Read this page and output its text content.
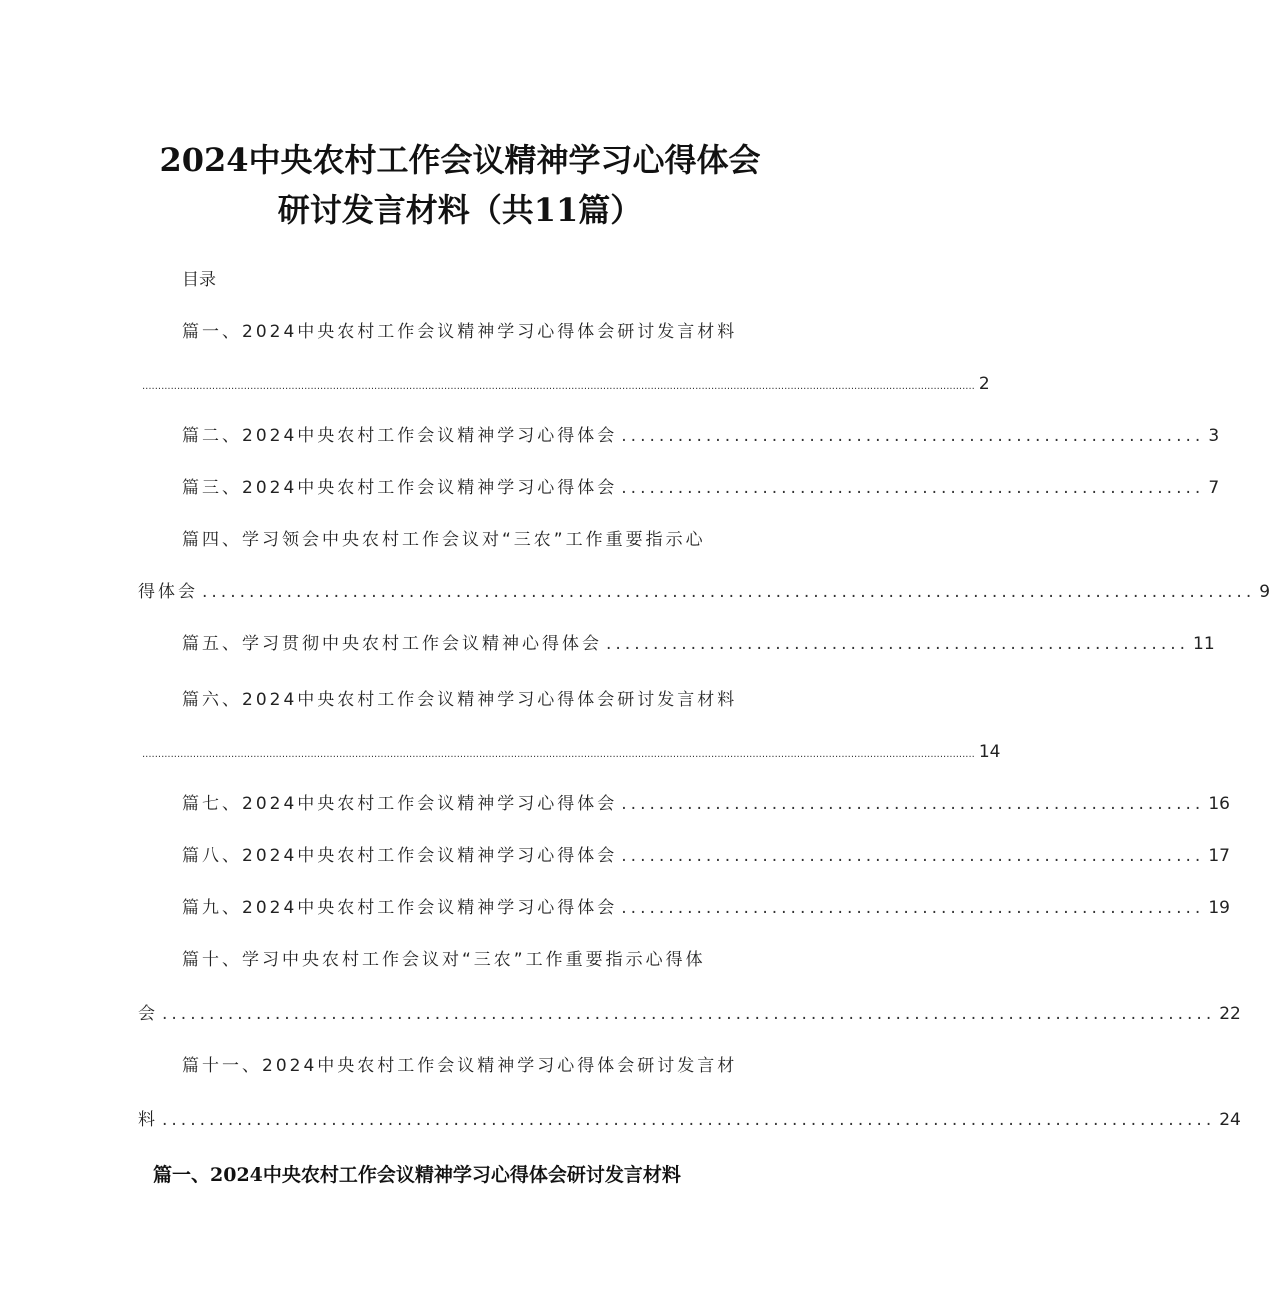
2024中央农村工作会议精神学习心得体会
研讨发言材料（共11篇）
目录
篇一、2024中央农村工作会议精神学习心得体会研讨发言材料
...................................................................................................................................................................................................................................................................... 2
篇二、2024中央农村工作会议精神学习心得体会 .............................................................. 3
篇三、2024中央农村工作会议精神学习心得体会 .............................................................. 7
篇四、学习领会中央农村工作会议对“三农”工作重要指示心
得体会 ................................................................................................................ 9
篇五、学习贯彻中央农村工作会议精神心得体会 .............................................................. 11
篇六、2024中央农村工作会议精神学习心得体会研讨发言材料
...................................................................................................................................................................................................................................................................... 14
篇七、2024中央农村工作会议精神学习心得体会 .............................................................. 16
篇八、2024中央农村工作会议精神学习心得体会 .............................................................. 17
篇九、2024中央农村工作会议精神学习心得体会 .............................................................. 19
篇十、学习中央农村工作会议对“三农”工作重要指示心得体
会 ................................................................................................................ 22
篇十一、2024中央农村工作会议精神学习心得体会研讨发言材
料 ................................................................................................................ 24
篇一、2024中央农村工作会议精神学习心得体会研讨发言材料
